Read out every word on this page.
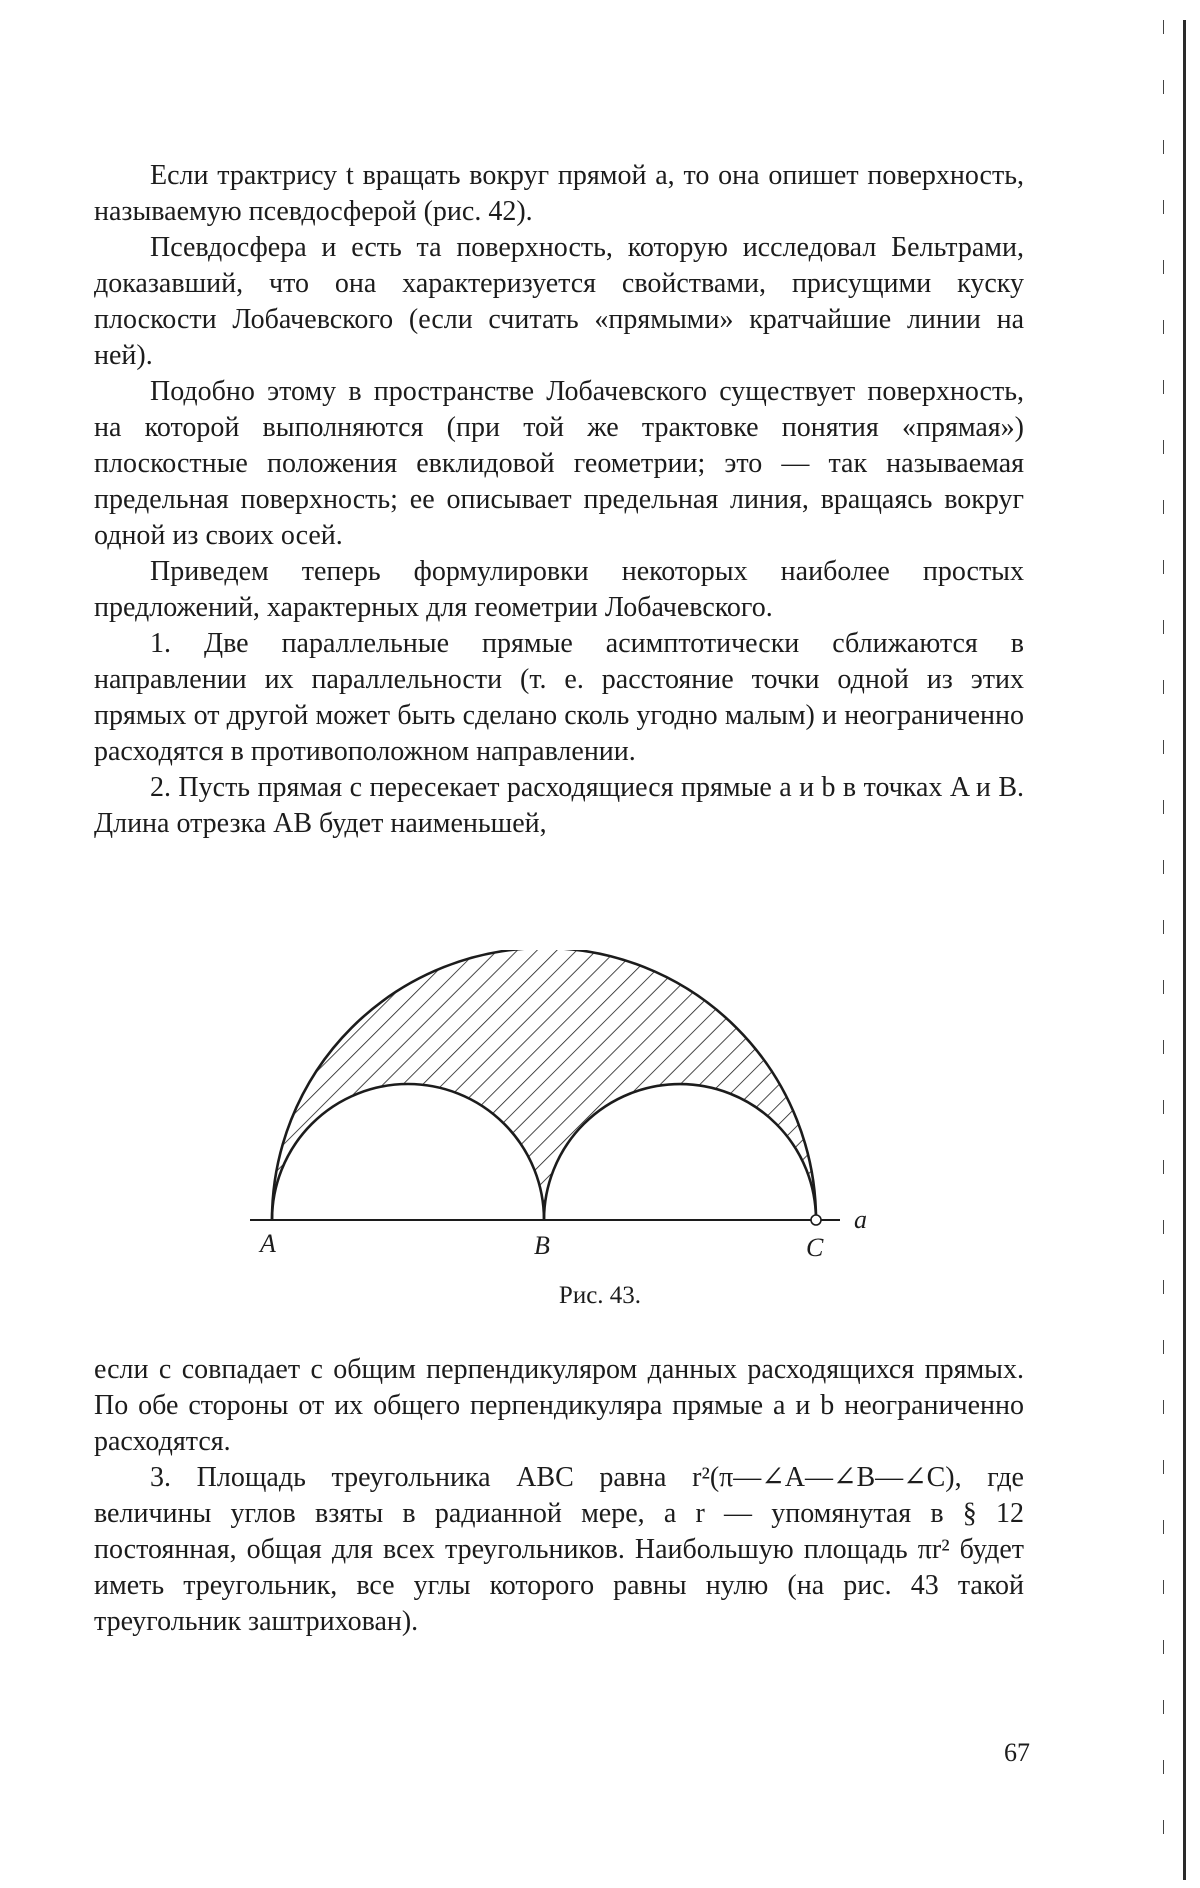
Если трактрису t вращать вокруг прямой a, то она опишет поверхность, называемую псевдосферой (рис. 42).

Псевдосфера и есть та поверхность, которую исследовал Бельтрами, доказавший, что она характеризуется свойствами, присущими куску плоскости Лобачевского (если считать «прямыми» кратчайшие линии на ней).

Подобно этому в пространстве Лобачевского существует поверхность, на которой выполняются (при той же трактовке понятия «прямая») плоскостные положения евклидовой геометрии; это — так называемая предельная поверхность; ее описывает предельная линия, вращаясь вокруг одной из своих осей.

Приведем теперь формулировки некоторых наиболее простых предложений, характерных для геометрии Лобачевского.

1. Две параллельные прямые асимптотически сближаются в направлении их параллельности (т. е. расстояние точки одной из этих прямых от другой может быть сделано сколь угодно малым) и неограниченно расходятся в противоположном направлении.

2. Пусть прямая c пересекает расходящиеся прямые a и b в точках A и B. Длина отрезка AB будет наименьшей,

A	B	C
a
Рис. 43.

если c совпадает с общим перпендикуляром данных расходящихся прямых. По обе стороны от их общего перпендикуляра прямые a и b неограниченно расходятся.

3. Площадь треугольника ABC равна r²(π—∠A—∠B—∠C), где величины углов взяты в радианной мере, а r — упомянутая в § 12 постоянная, общая для всех треугольников. Наибольшую площадь πr² будет иметь треугольник, все углы которого равны нулю (на рис. 43 такой треугольник заштрихован).

67
